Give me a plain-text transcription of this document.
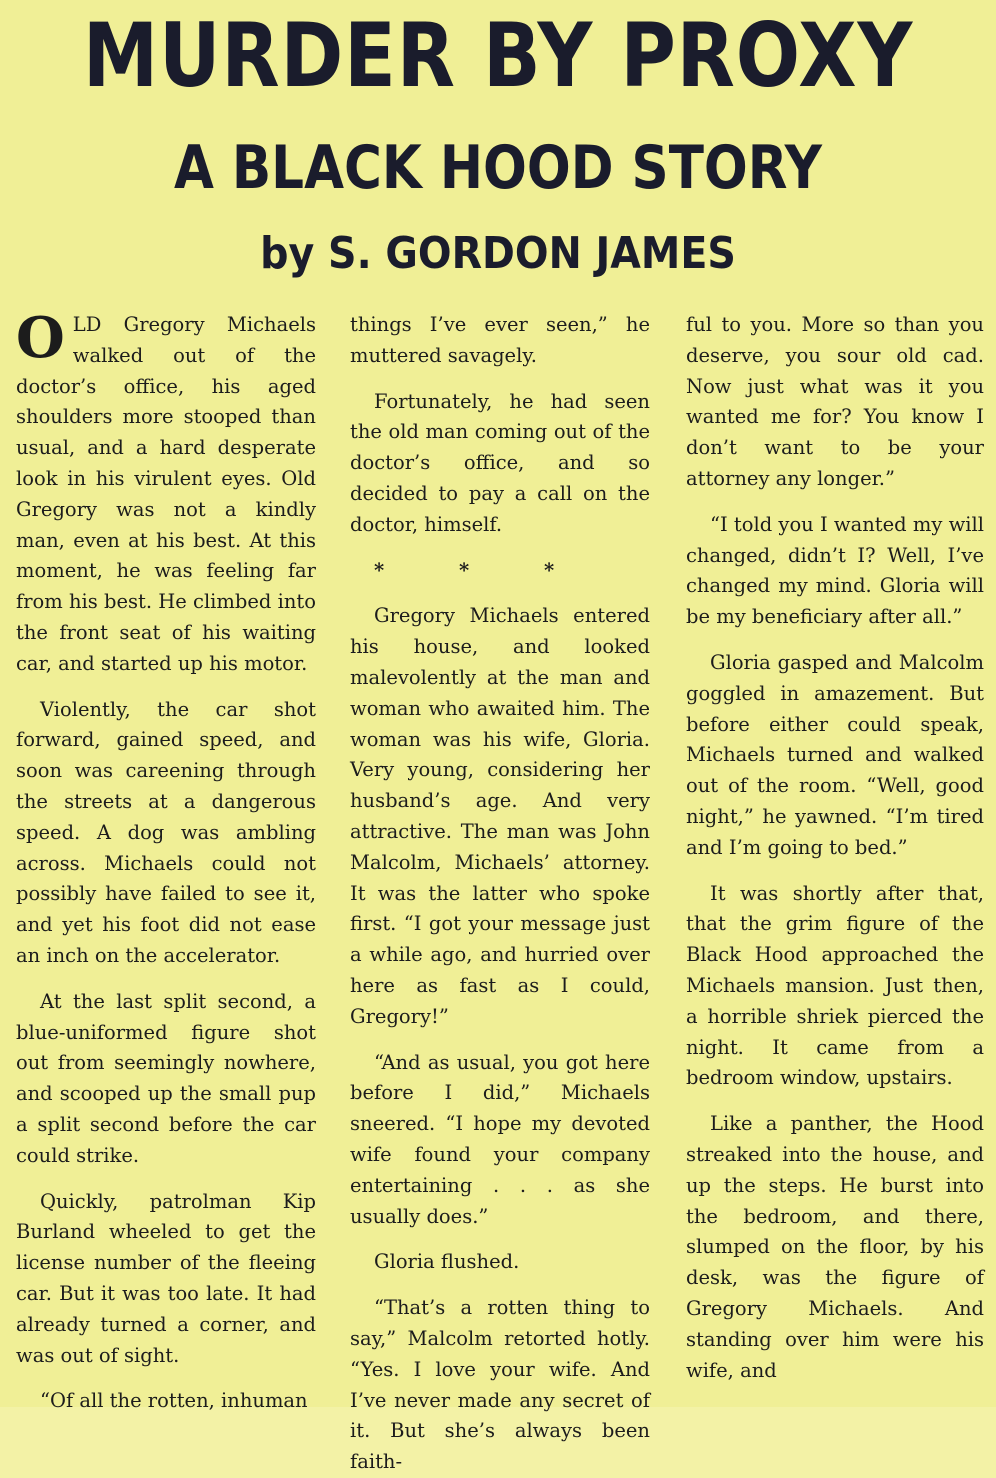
MURDER BY PROXY
A BLACK HOOD STORY
by S. GORDON JAMES

OLD Gregory Michaels walked out of the doctor’s office, his aged shoulders more stooped than usual, and a hard desperate look in his virulent eyes. Old Gregory was not a kindly man, even at his best. At this moment, he was feeling far from his best. He climbed into the front seat of his waiting car, and started up his motor.

Violently, the car shot forward, gained speed, and soon was careening through the streets at a dangerous speed. A dog was ambling across. Michaels could not possibly have failed to see it, and yet his foot did not ease an inch on the accelerator.

At the last split second, a blue-uniformed figure shot out from seemingly nowhere, and scooped up the small pup a split second before the car could strike.

Quickly, patrolman Kip Burland wheeled to get the license number of the fleeing car. But it was too late. It had already turned a corner, and was out of sight.

“Of all the rotten, inhuman

things I’ve ever seen,” he muttered savagely.

Fortunately, he had seen the old man coming out of the doctor’s office, and so decided to pay a call on the doctor, himself.

* * *

Gregory Michaels entered his house, and looked malevolently at the man and woman who awaited him. The woman was his wife, Gloria. Very young, considering her husband’s age. And very attractive. The man was John Malcolm, Michaels’ attorney. It was the latter who spoke first. “I got your message just a while ago, and hurried over here as fast as I could, Gregory!”

“And as usual, you got here before I did,” Michaels sneered. “I hope my devoted wife found your company entertaining . . . as she usually does.”

Gloria flushed.

“That’s a rotten thing to say,” Malcolm retorted hotly. “Yes. I love your wife. And I’ve never made any secret of it. But she’s always been faith-

ful to you. More so than you deserve, you sour old cad. Now just what was it you wanted me for? You know I don’t want to be your attorney any longer.”

“I told you I wanted my will changed, didn’t I? Well, I’ve changed my mind. Gloria will be my beneficiary after all.”

Gloria gasped and Malcolm goggled in amazement. But before either could speak, Michaels turned and walked out of the room. “Well, good night,” he yawned. “I’m tired and I’m going to bed.”

It was shortly after that, that the grim figure of the Black Hood approached the Michaels mansion. Just then, a horrible shriek pierced the night. It came from a bedroom window, upstairs.

Like a panther, the Hood streaked into the house, and up the steps. He burst into the bedroom, and there, slumped on the floor, by his desk, was the figure of Gregory Michaels. And standing over him were his wife, and
